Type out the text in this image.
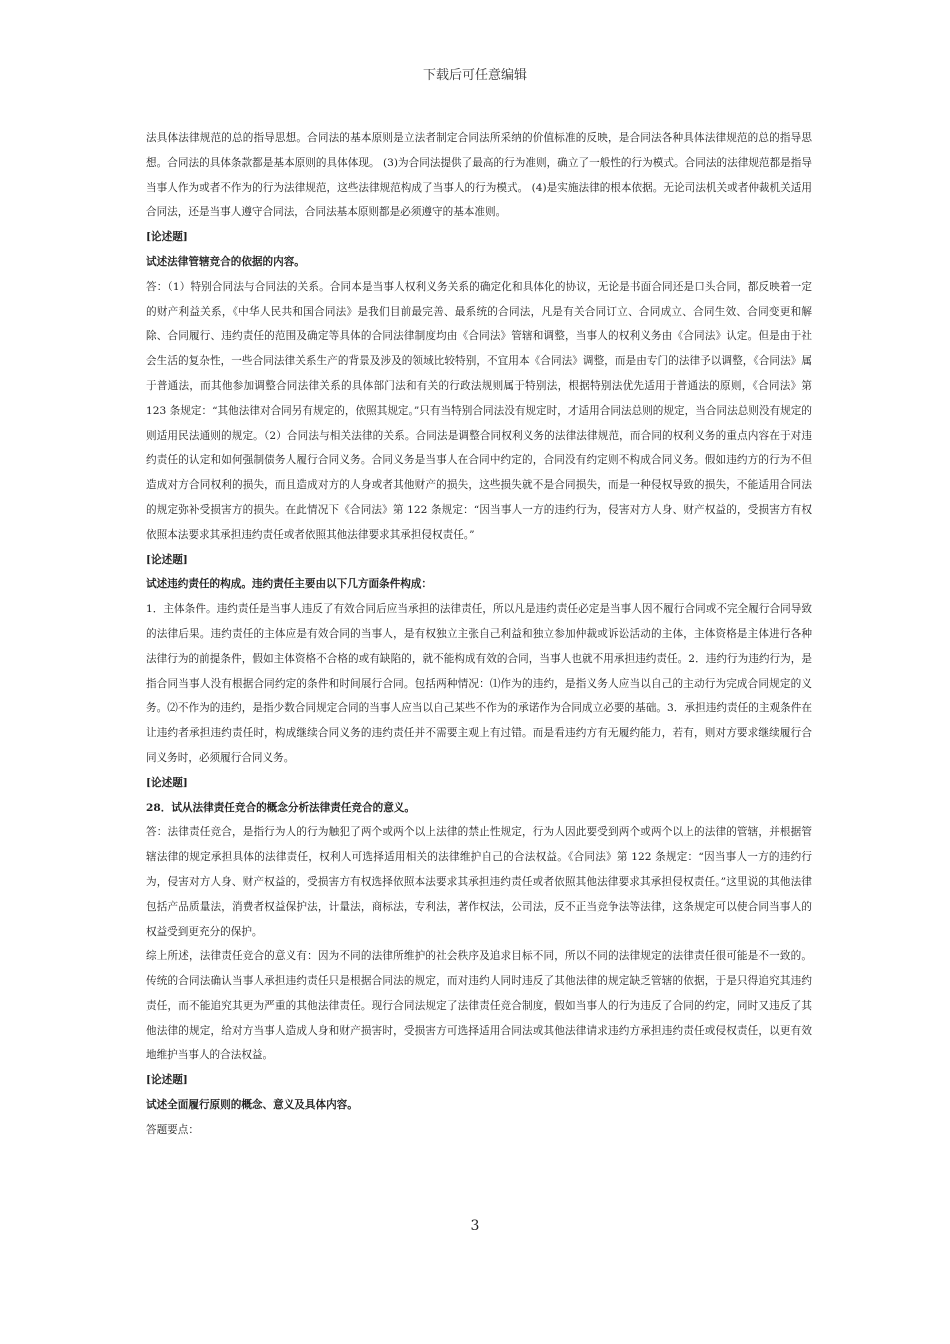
下载后可任意编辑

法具体法律规范的总的指导思想。合同法的基本原则是立法者制定合同法所采纳的价值标准的反映，是合同法各种具体法律规范的总的指导思想。合同法的具体条款都是基本原则的具体体现。 (3)为合同法提供了最高的行为准则，确立了一般性的行为模式。合同法的法律规范都是指导当事人作为或者不作为的行为法律规范，这些法律规范构成了当事人的行为模式。 (4)是实施法律的根本依据。无论司法机关或者仲裁机关适用合同法，还是当事人遵守合同法，合同法基本原则都是必须遵守的基本准则。

[论述题]

试述法律管辖竞合的依据的内容。

答：（1）特别合同法与合同法的关系。合同本是当事人权利义务关系的确定化和具体化的协议，无论是书面合同还是口头合同，都反映着一定的财产利益关系，《中华人民共和国合同法》是我们目前最完善、最系统的合同法，凡是有关合同订立、合同成立、合同生效、合同变更和解除、合同履行、违约责任的范围及确定等具体的合同法律制度均由《合同法》管辖和调整，当事人的权利义务由《合同法》认定。但是由于社会生活的复杂性，一些合同法律关系生产的背景及涉及的领域比较特别，不宜用本《合同法》调整，而是由专门的法律予以调整，《合同法》属于普通法，而其他参加调整合同法律关系的具体部门法和有关的行政法规则属于特别法，根据特别法优先适用于普通法的原则，《合同法》第 123 条规定：“其他法律对合同另有规定的，依照其规定。”只有当特别合同法没有规定时，才适用合同法总则的规定，当合同法总则没有规定的则适用民法通则的规定。（2）合同法与相关法律的关系。合同法是调整合同权利义务的法律法律规范，而合同的权利义务的重点内容在于对违约责任的认定和如何强制债务人履行合同义务。合同义务是当事人在合同中约定的，合同没有约定则不构成合同义务。假如违约方的行为不但造成对方合同权利的损失，而且造成对方的人身或者其他财产的损失，这些损失就不是合同损失，而是一种侵权导致的损失，不能适用合同法的规定弥补受损害方的损失。在此情况下《合同法》第 122 条规定：“因当事人一方的违约行为，侵害对方人身、财产权益的，受损害方有权依照本法要求其承担违约责任或者依照其他法律要求其承担侵权责任。”

[论述题]

试述违约责任的构成。违约责任主要由以下几方面条件构成：

1．主体条件。违约责任是当事人违反了有效合同后应当承担的法律责任，所以凡是违约责任必定是当事人因不履行合同或不完全履行合同导致的法律后果。违约责任的主体应是有效合同的当事人，是有权独立主张自己利益和独立参加仲裁或诉讼活动的主体，主体资格是主体进行各种法律行为的前提条件，假如主体资格不合格的或有缺陷的，就不能构成有效的合同，当事人也就不用承担违约责任。2．违约行为违约行为，是指合同当事人没有根据合同约定的条件和时间展行合同。包括两种情况：⑴作为的违约，是指义务人应当以自己的主动行为完成合同规定的义务。⑵不作为的违约，是指少数合同规定合同的当事人应当以自己某些不作为的承诺作为合同成立必要的基础。3．承担违约责任的主观条件在让违约者承担违约责任时，构成继续合同义务的违约责任并不需要主观上有过错。而是看违约方有无履约能力，若有，则对方要求继续履行合同义务时，必须履行合同义务。

[论述题]

28．试从法律责任竞合的概念分析法律责任竞合的意义。

答：法律责任竞合，是指行为人的行为触犯了两个或两个以上法律的禁止性规定，行为人因此要受到两个或两个以上的法律的管辖，并根据管辖法律的规定承担具体的法律责任，权利人可选择适用相关的法律维护自己的合法权益。《合同法》第 122 条规定：“因当事人一方的违约行为，侵害对方人身、财产权益的，受损害方有权选择依照本法要求其承担违约责任或者依照其他法律要求其承担侵权责任。”这里说的其他法律包括产品质量法，消费者权益保护法，计量法，商标法，专利法，著作权法，公司法，反不正当竞争法等法律，这条规定可以使合同当事人的权益受到更充分的保护。

综上所述，法律责任竞合的意义有：因为不同的法律所维护的社会秩序及追求目标不同，所以不同的法律规定的法律责任很可能是不一致的。传统的合同法确认当事人承担违约责任只是根据合同法的规定，而对违约人同时违反了其他法律的规定缺乏管辖的依据，于是只得追究其违约责任，而不能追究其更为严重的其他法律责任。现行合同法规定了法律责任竞合制度，假如当事人的行为违反了合同的约定，同时又违反了其他法律的规定，给对方当事人造成人身和财产损害时，受损害方可选择适用合同法或其他法律请求违约方承担违约责任或侵权责任，以更有效地维护当事人的合法权益。

[论述题]

试述全面履行原则的概念、意义及具体内容。

答题要点：

3
